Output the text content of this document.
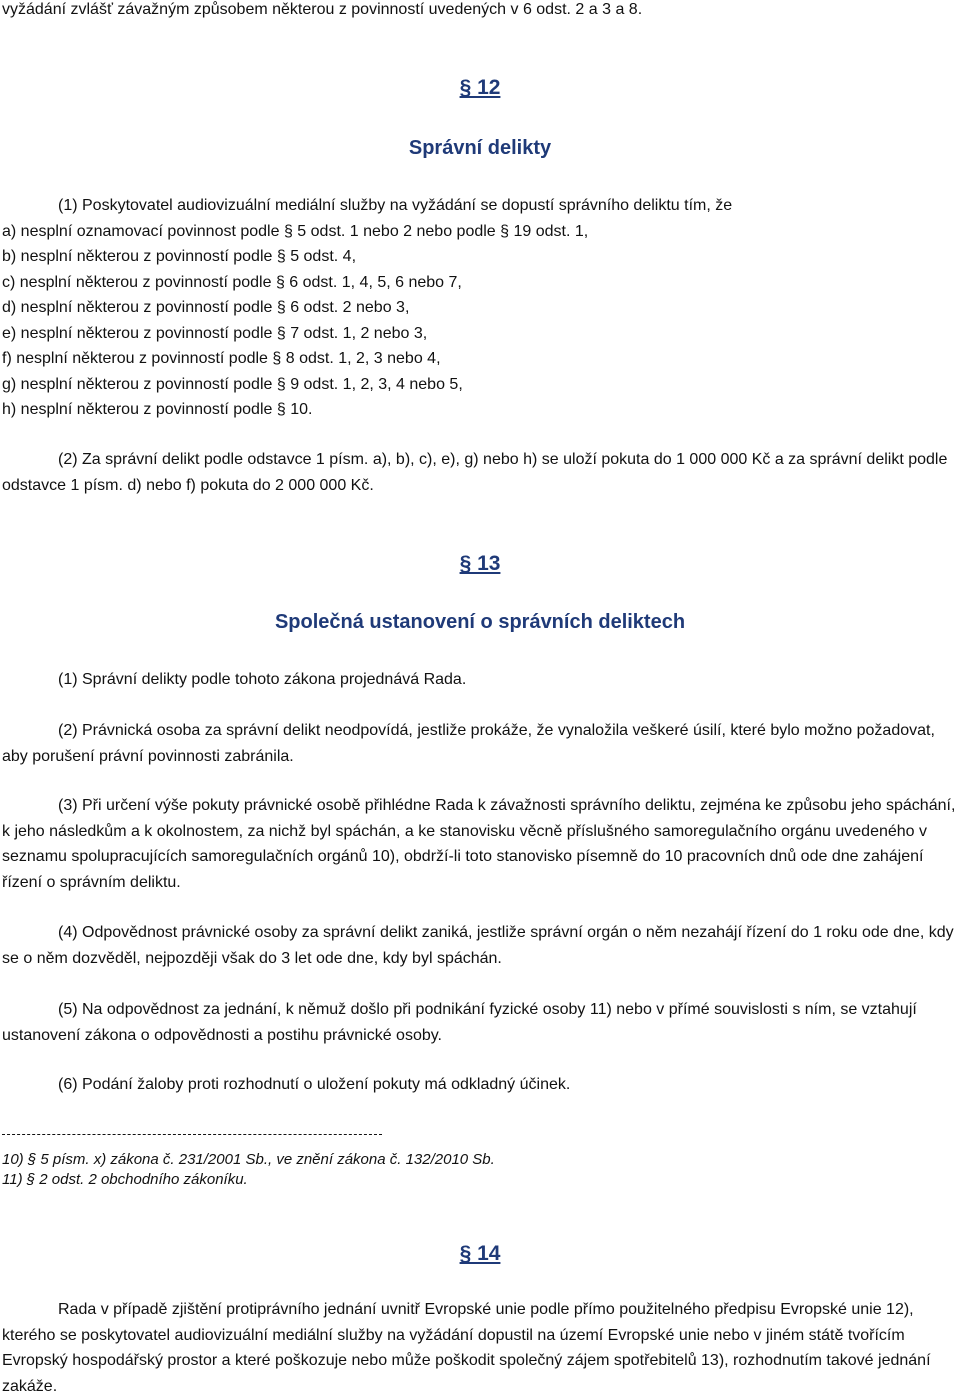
vyžádání zvlášť závažným způsobem některou z povinností uvedených v 6 odst. 2 a 3 a 8.
§ 12
Správní delikty
(1) Poskytovatel audiovizuální mediální služby na vyžádání se dopustí správního deliktu tím, že
a) nesplní oznamovací povinnost podle § 5 odst. 1 nebo 2 nebo podle § 19 odst. 1,
b) nesplní některou z povinností podle § 5 odst. 4,
c) nesplní některou z povinností podle § 6 odst. 1, 4, 5, 6 nebo 7,
d) nesplní některou z povinností podle § 6 odst. 2 nebo 3,
e) nesplní některou z povinností podle § 7 odst. 1, 2 nebo 3,
f) nesplní některou z povinností podle § 8 odst. 1, 2, 3 nebo 4,
g) nesplní některou z povinností podle § 9 odst. 1, 2, 3, 4 nebo 5,
h) nesplní některou z povinností podle § 10.
(2) Za správní delikt podle odstavce 1 písm. a), b), c), e), g) nebo h) se uloží pokuta do 1 000 000 Kč a za správní delikt podle odstavce 1 písm. d) nebo f) pokuta do 2 000 000 Kč.
§ 13
Společná ustanovení o správních deliktech
(1) Správní delikty podle tohoto zákona projednává Rada.
(2) Právnická osoba za správní delikt neodpovídá, jestliže prokáže, že vynaložila veškeré úsilí, které bylo možno požadovat, aby porušení právní povinnosti zabránila.
(3) Při určení výše pokuty právnické osobě přihlédne Rada k závažnosti správního deliktu, zejména ke způsobu jeho spáchání, k jeho následkům a k okolnostem, za nichž byl spáchán, a ke stanovisku věcně příslušného samoregulačního orgánu uvedeného v seznamu spolupracujících samoregulačních orgánů 10), obdrží-li toto stanovisko písemně do 10 pracovních dnů ode dne zahájení řízení o správním deliktu.
(4) Odpovědnost právnické osoby za správní delikt zaniká, jestliže správní orgán o něm nezahájí řízení do 1 roku ode dne, kdy se o něm dozvěděl, nejpozději však do 3 let ode dne, kdy byl spáchán.
(5) Na odpovědnost za jednání, k němuž došlo při podnikání fyzické osoby 11) nebo v přímé souvislosti s ním, se vztahují ustanovení zákona o odpovědnosti a postihu právnické osoby.
(6) Podání žaloby proti rozhodnutí o uložení pokuty má odkladný účinek.
10) § 5 písm. x) zákona č. 231/2001 Sb., ve znění zákona č. 132/2010 Sb.
11) § 2 odst. 2 obchodního zákoníku.
§ 14
Rada v případě zjištění protiprávního jednání uvnitř Evropské unie podle přímo použitelného předpisu Evropské unie 12), kterého se poskytovatel audiovizuální mediální služby na vyžádání dopustil na území Evropské unie nebo v jiném státě tvořícím Evropský hospodářský prostor a které poškozuje nebo může poškodit společný zájem spotřebitelů 13), rozhodnutím takové jednání zakáže.
